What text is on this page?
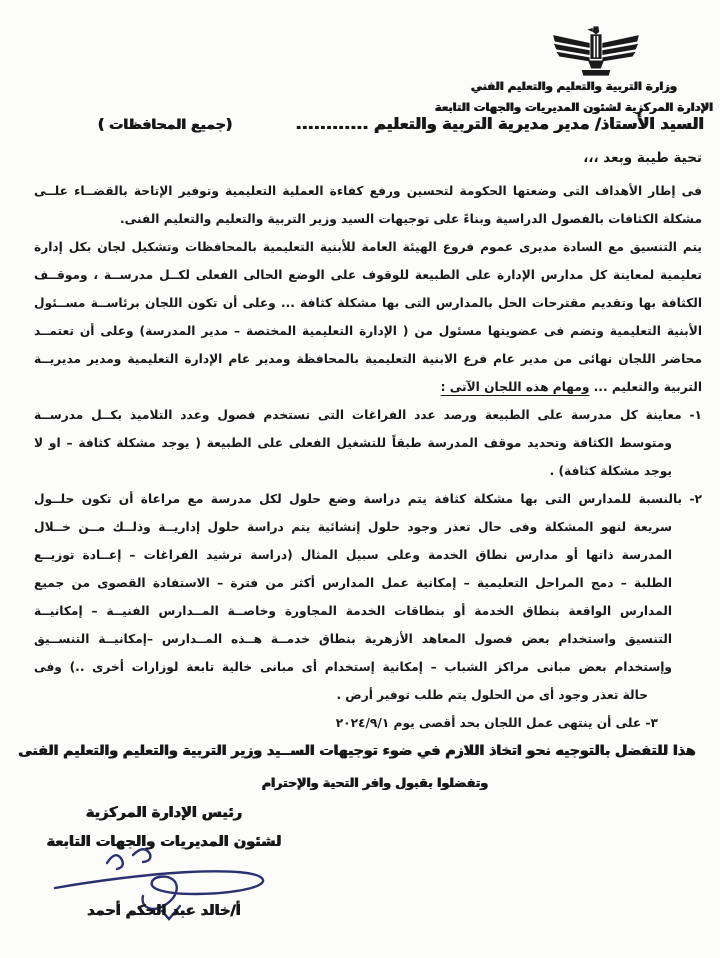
وزارة التربية والتعليم والتعليم الفني
الإدارة المركزية لشئون المديريات والجهات التابعة
السيد الأستاذ/ مدير مديرية التربية والتعليم ............
(جميع المحافظات )
تحية طيبة وبعد ،،،
فى إطار الأهداف التى وضعتها الحكومة لتحسين ورفع كفاءة العملية التعليمية وتوفير الإتاحة بالقضــاء علــى
مشكلة الكثافات بالفصول الدراسية وبناءً على توجيهات السيد وزير التربية والتعليم والتعليم الفنى.
يتم التنسيق مع السادة مديرى عموم فروع الهيئة العامة للأبنية التعليمية بالمحافظات وتشكيل لجان بكل إدارة
تعليمية لمعاينة كل مدارس الإدارة على الطبيعة للوقوف على الوضع الحالى الفعلى لكــل مدرســة ، وموقــف
الكثافة بها وتقديم مقترحات الحل بالمدارس التى بها مشكلة كثافة ... وعلى أن تكون اللجان برئاســة مســئول
الأبنية التعليمية وتضم فى عضويتها مسئول من ( الإدارة التعليمية المختصة – مدير المدرسة) وعلى أن تعتمــد
محاضر اللجان نهائى من مدير عام فرع الابنية التعليمية بالمحافظة ومدير عام الإدارة التعليمية ومدير مديريــة
التربية والتعليم ... ومهام هذه اللجان الآتى :
١- معاينة كل مدرسة على الطبيعة ورصد عدد الفراغات التى تستخدم فصول وعدد التلاميذ بكــل مدرســة
ومتوسط الكثافة وتحديد موقف المدرسة طبقاً للتشغيل الفعلى على الطبيعة ( يوجد مشكلة كثافة – او لا
يوجد مشكلة كثافة) .
٢- بالنسبة للمدارس التى بها مشكلة كثافة يتم دراسة وضع حلول لكل مدرسة مع مراعاة أن تكون حلــول
سريعة لنهو المشكلة وفى حال تعذر وجود حلول إنشائية يتم دراسة حلول إداريــة وذلــك مــن خــلال
المدرسة ذاتها أو مدارس نطاق الخدمة وعلى سبيل المثال (دراسة ترشيد الفراغات – إعــادة توزيــع
الطلبة – دمج المراحل التعليمية – إمكانية عمل المدارس أكثر من فترة – الاستفادة القصوى من جميع
المدارس الواقعة بنطاق الخدمة أو بنطاقات الخدمة المجاورة وخاصــة المــدارس الفنيــة – إمكانيــة
التنسيق واستخدام بعض فصول المعاهد الأزهرية بنطاق خدمــة هــذه المــدارس –إمكانيــة التنســيق
وإستخدام بعض مبانى مراكز الشباب – إمكانية إستخدام أى مبانى خالية تابعة لوزارات أخرى ..) وفى
حالة تعذر وجود أى من الحلول يتم طلب توفير أرض .
٣- على أن ينتهى عمل اللجان بحد أقصى يوم ٢٠٢٤/٩/١
هذا للتفضل بالتوجيه نحو اتخاذ اللازم في ضوء توجيهات الســيد وزير التربية والتعليم والتعليم الفنى
وتفضلوا بقبول وافر التحية والإحترام
رئيس الإدارة المركزية
لشئون المديريات والجهات التابعة
أ/خالد عبد الحكم أحمد
